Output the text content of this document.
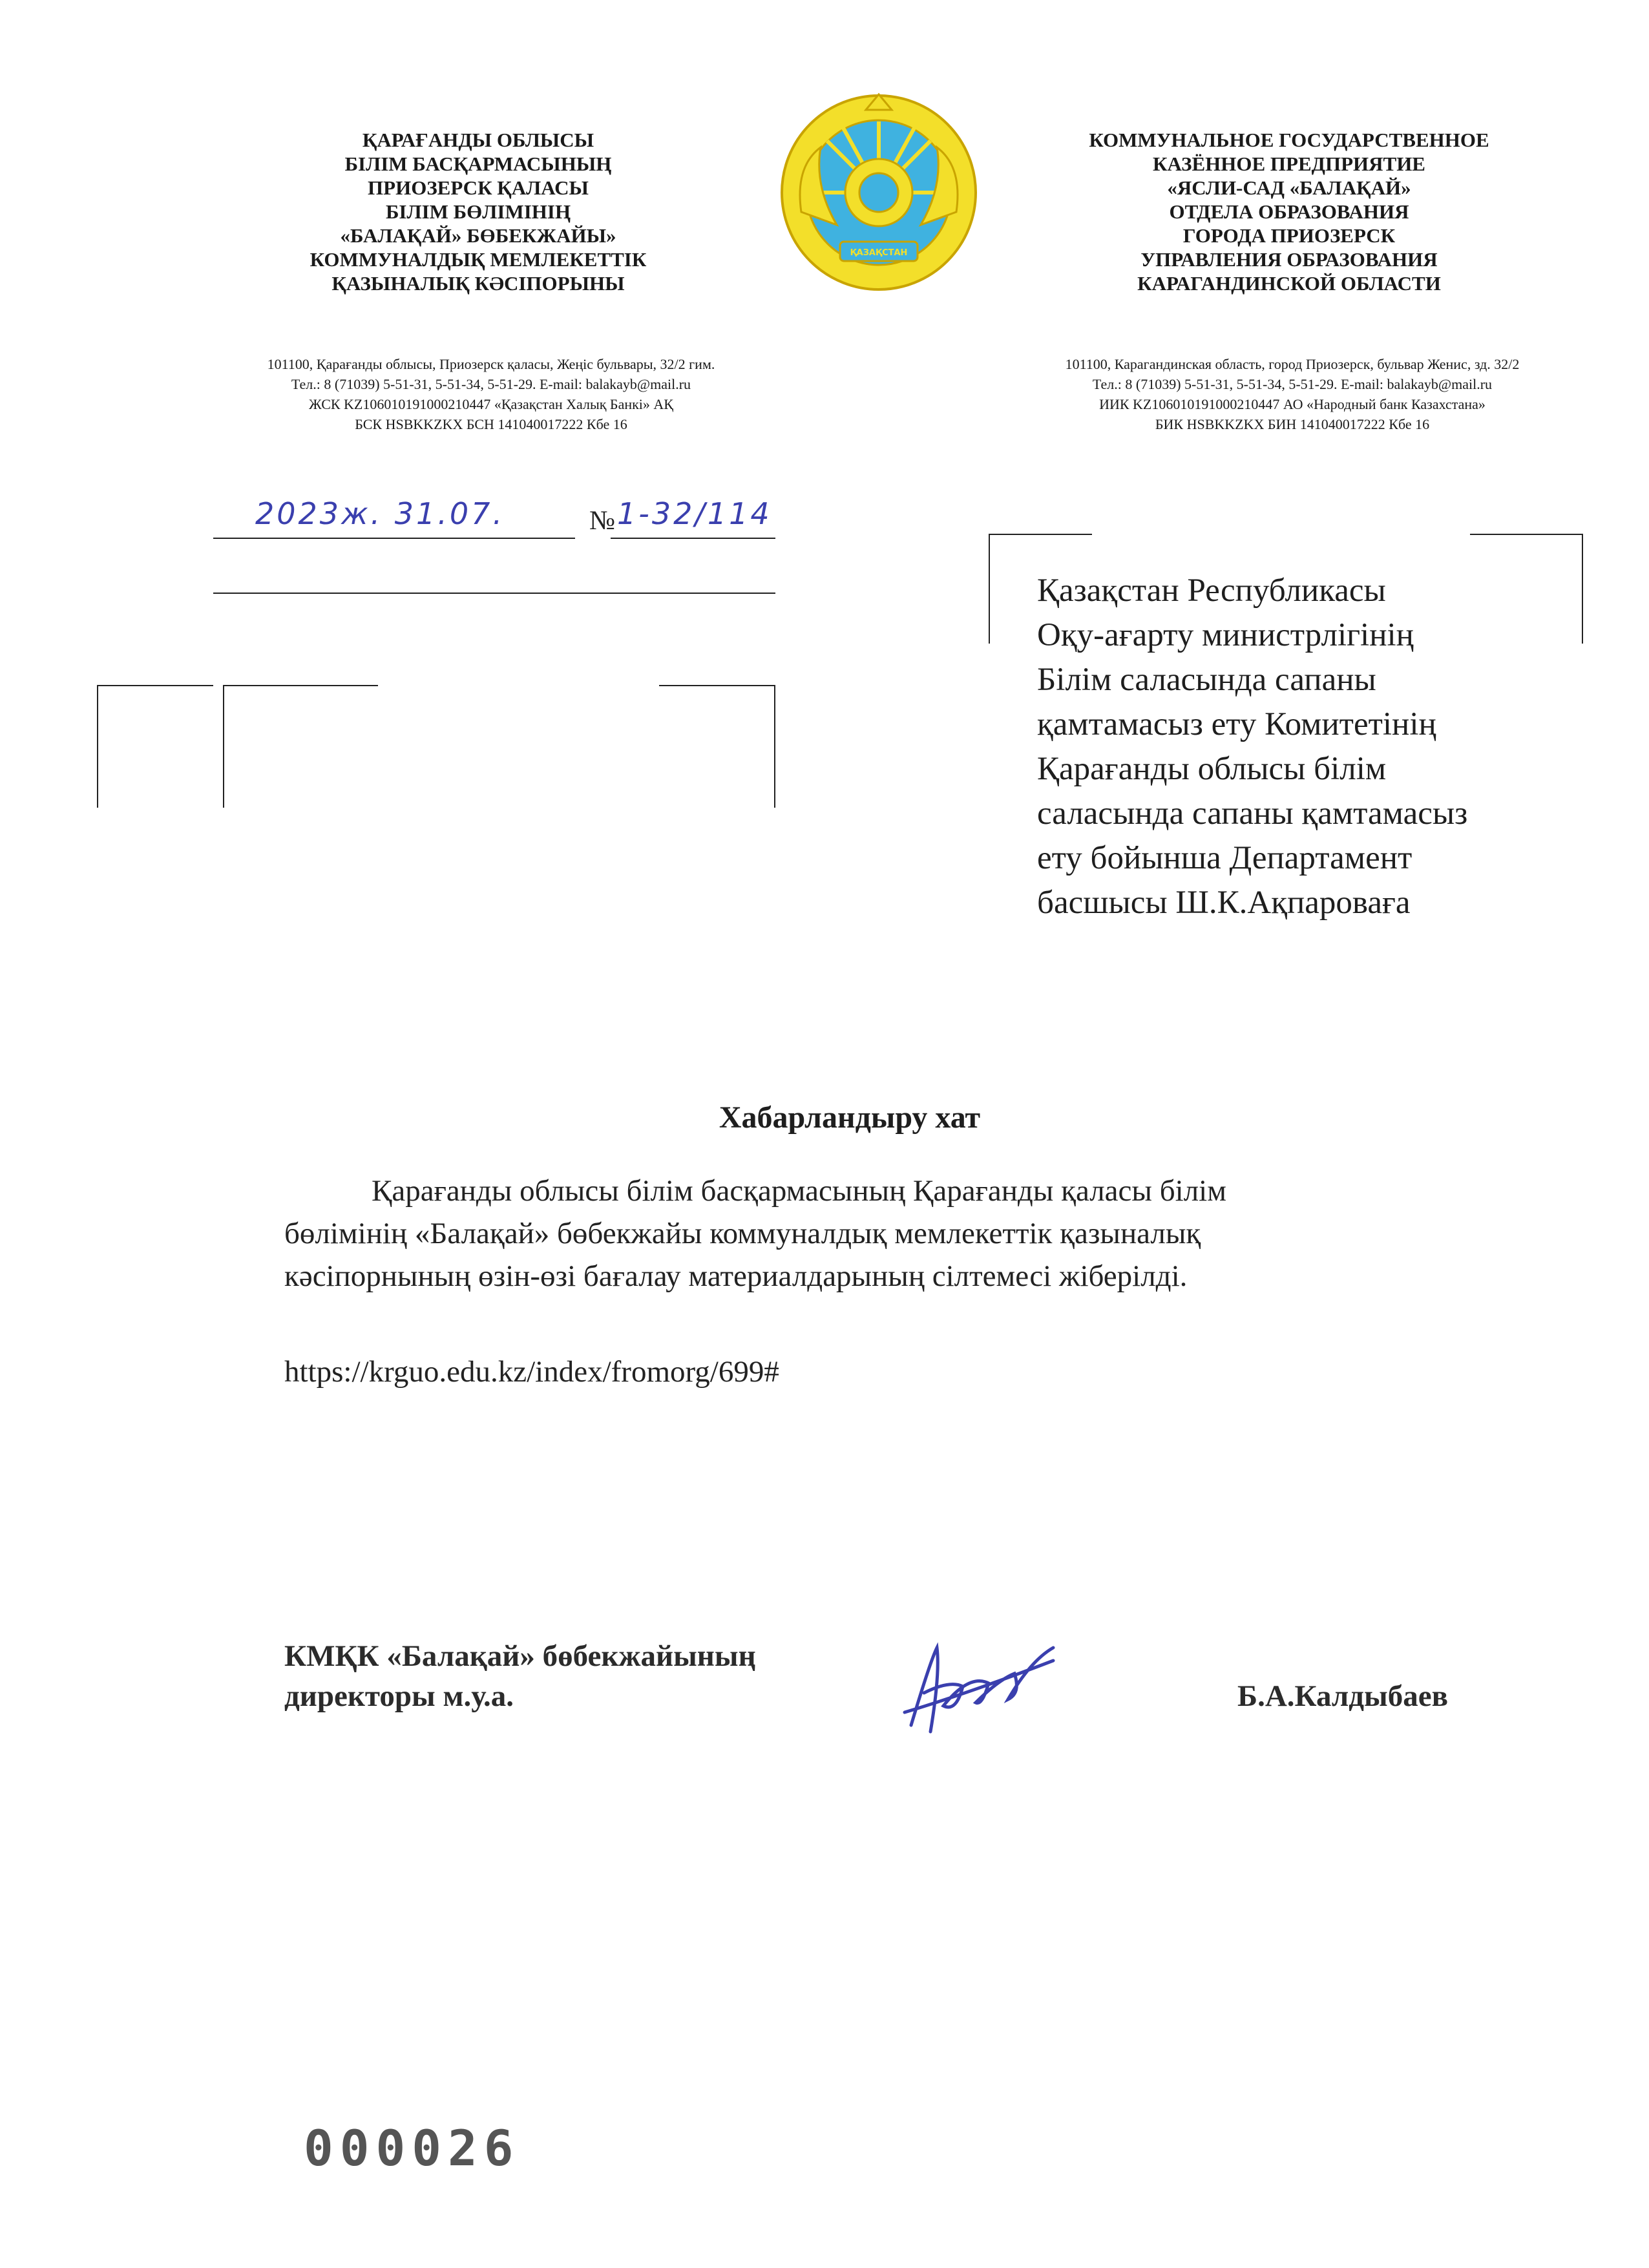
ҚАРАҒАНДЫ ОБЛЫСЫ
БІЛІМ БАСҚАРМАСЫНЫҢ
ПРИОЗЕРСК ҚАЛАСЫ
БІЛІМ БӨЛІМІНІҢ
«БАЛАҚАЙ» БӨБЕКЖАЙЫ»
КОММУНАЛДЫҚ МЕМЛЕКЕТТІК
ҚАЗЫНАЛЫҚ КӘСІПОРЫНЫ
101100, Қарағанды облысы, Приозерск қаласы, Жеңіс бульвары, 32/2 гим.
Тел.: 8 (71039) 5-51-31, 5-51-34, 5-51-29. E-mail: balakayb@mail.ru
ЖСК KZ106010191000210447 «Қазақстан Халық Банкі» АҚ
БСК HSBKKZKX БСН 141040017222 Кбе 16
ҚАЗАҚСТАН
КОММУНАЛЬНОЕ ГОСУДАРСТВЕННОЕ
КАЗЁННОЕ ПРЕДПРИЯТИЕ
«ЯСЛИ-САД «БАЛАҚАЙ»
ОТДЕЛА ОБРАЗОВАНИЯ
ГОРОДА ПРИОЗЕРСК
УПРАВЛЕНИЯ ОБРАЗОВАНИЯ
КАРАГАНДИНСКОЙ ОБЛАСТИ
101100, Карагандинская область, город Приозерск, бульвар Женис, зд. 32/2
Тел.: 8 (71039) 5-51-31, 5-51-34, 5-51-29. E-mail: balakayb@mail.ru
ИИК KZ106010191000210447 АО «Народный банк Казахстана»
БИК HSBKKZKX БИН 141040017222 Кбе 16
2023ж. 31.07.	№ 1-32/114
Қазақстан Республикасы
Оқу-ағарту министрлігінің
Білім саласында сапаны
қамтамасыз ету Комитетінің
Қарағанды облысы білім
саласында сапаны қамтамасыз
ету бойынша Департамент
басшысы Ш.К.Ақпароваға
Хабарландыру хат
Қарағанды облысы білім басқармасының Қарағанды қаласы білім
бөлімінің «Балақай» бөбекжайы коммуналдық мемлекеттік қазыналық
кәсіпорнының өзін-өзі бағалау материалдарының сілтемесі жіберілді.
https://krguo.edu.kz/index/fromorg/699#
КМҚК «Балақай» бөбекжайының
директоры м.у.а.	Б.А.Калдыбаев
000026
